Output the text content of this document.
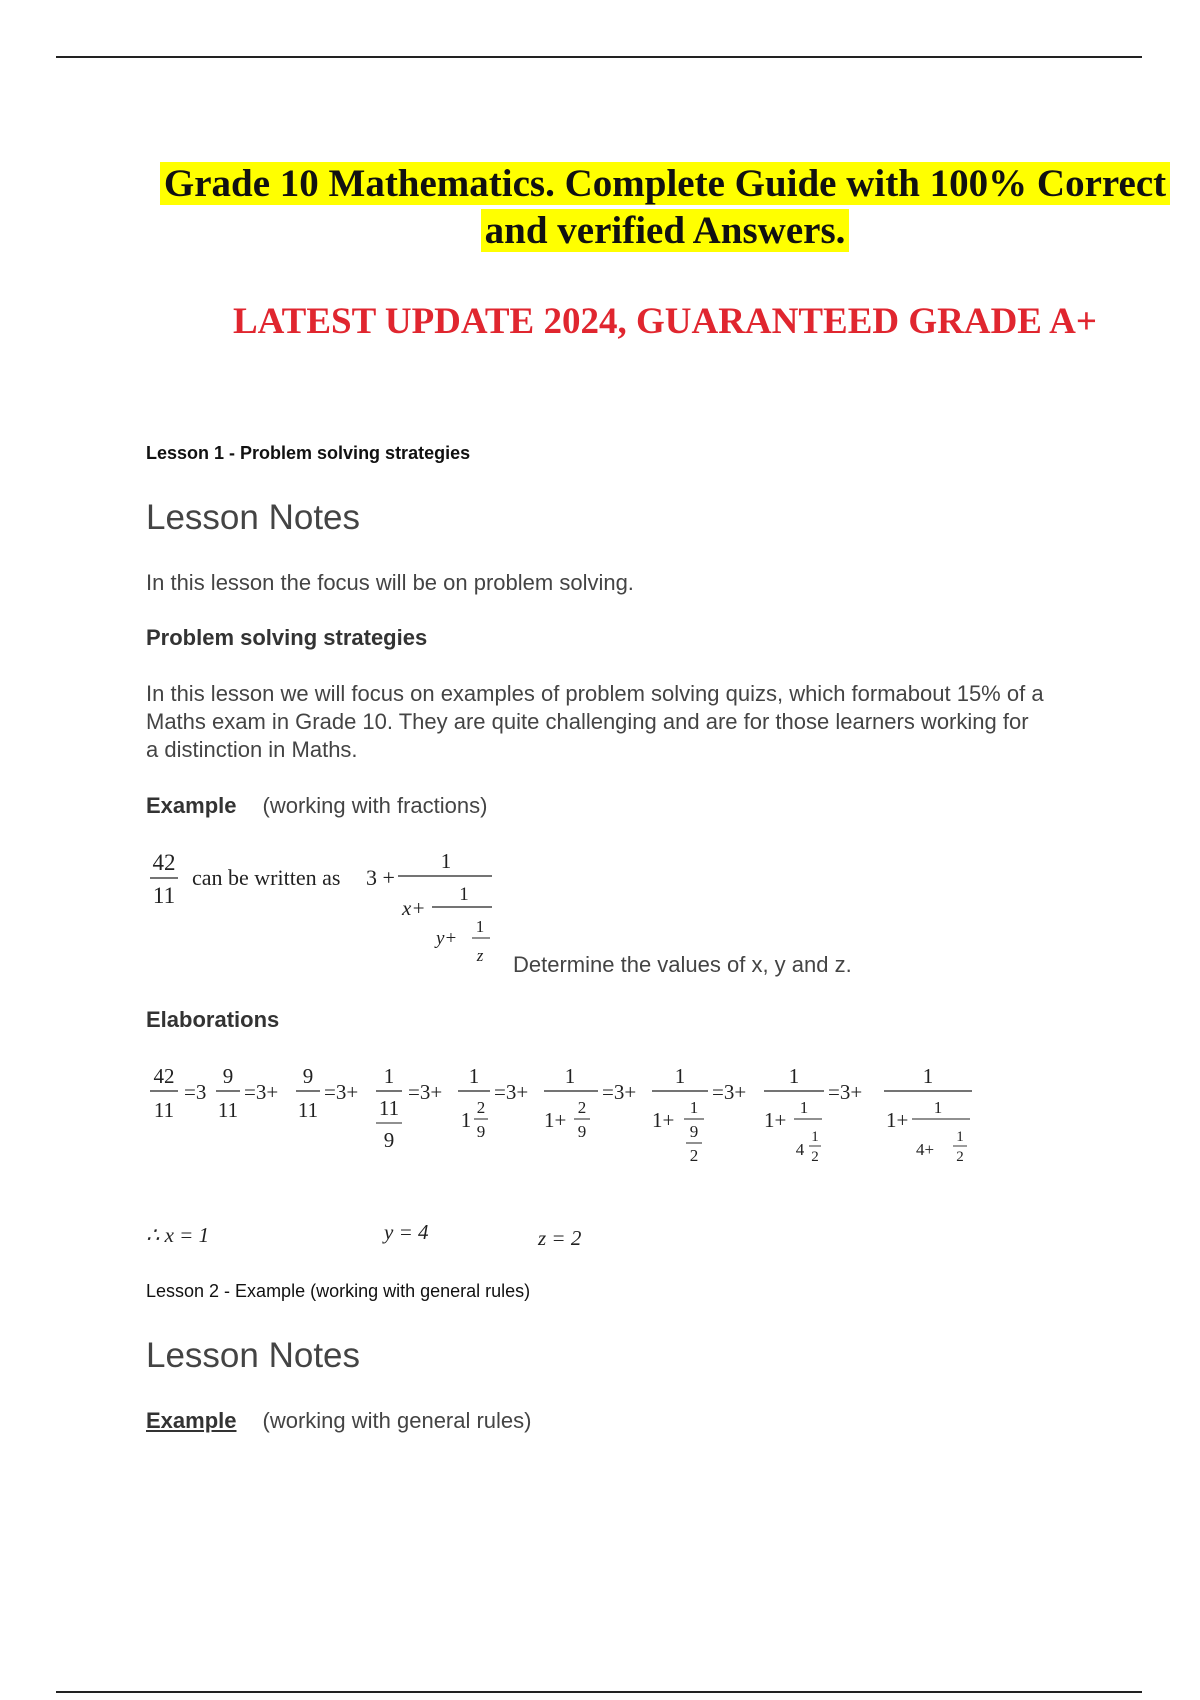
Grade 10 Mathematics. Complete Guide with 100% Correct
and verified Answers.
LATEST UPDATE 2024, GUARANTEED GRADE A+
Lesson 1 - Problem solving strategies
Lesson Notes
In this lesson the focus will be on problem solving.
Problem solving strategies
In this lesson we will focus on examples of problem solving quizs, which formabout 15% of a Maths exam in Grade 10. They are quite challenging and are for those learners working for a distinction in Maths.
Example (working with fractions)
42
11
can be written as 3 +
1
x+
1
y+
1
z Determine the values of x, y and z.
Elaborations
42
11
=3
9
11
=3+
9
11
=3+
1
11
9
=3+
1
1
2
9
=3+
1
1+
2
9
=3+
1
1+
1
9
2
=3+
1
1+
1
4
1
2
=3+
1
1+
1
4+
1
2
∴ x = 1	y = 4	z = 2
Lesson 2 - Example (working with general rules)
Lesson Notes
Example (working with general rules)
